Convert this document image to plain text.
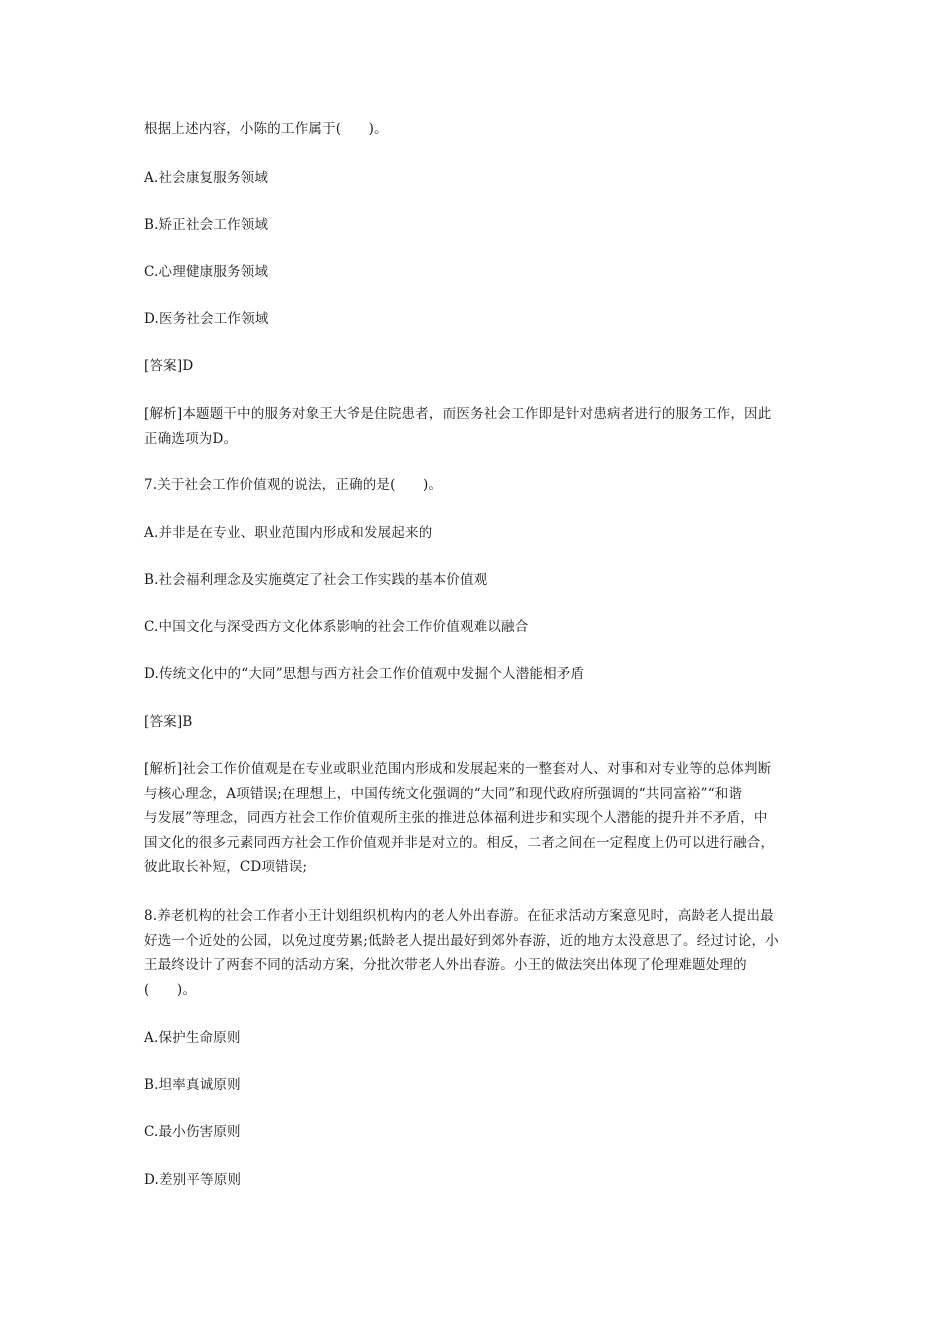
根据上述内容，小陈的工作属于(　　)。
A.社会康复服务领域
B.矫正社会工作领域
C.心理健康服务领域
D.医务社会工作领域
[答案]D
[解析]本题题干中的服务对象王大爷是住院患者，而医务社会工作即是针对患病者进行的服务工作，因此
正确选项为D。
7.关于社会工作价值观的说法，正确的是(　　)。
A.并非是在专业、职业范围内形成和发展起来的
B.社会福利理念及实施奠定了社会工作实践的基本价值观
C.中国文化与深受西方文化体系影响的社会工作价值观难以融合
D.传统文化中的“大同”思想与西方社会工作价值观中发掘个人潜能相矛盾
[答案]B
[解析]社会工作价值观是在专业或职业范围内形成和发展起来的一整套对人、对事和对专业等的总体判断
与核心理念，A项错误;在理想上，中国传统文化强调的“大同”和现代政府所强调的“共同富裕”“和谐
与发展”等理念，同西方社会工作价值观所主张的推进总体福利进步和实现个人潜能的提升并不矛盾，中
国文化的很多元素同西方社会工作价值观并非是对立的。相反，二者之间在一定程度上仍可以进行融合，
彼此取长补短，CD项错误;
8.养老机构的社会工作者小王计划组织机构内的老人外出春游。在征求活动方案意见时，高龄老人提出最
好选一个近处的公园，以免过度劳累;低龄老人提出最好到郊外春游，近的地方太没意思了。经过讨论，小
王最终设计了两套不同的活动方案，分批次带老人外出春游。小王的做法突出体现了伦理难题处理的
(　　)。
A.保护生命原则
B.坦率真诚原则
C.最小伤害原则
D.差别平等原则
